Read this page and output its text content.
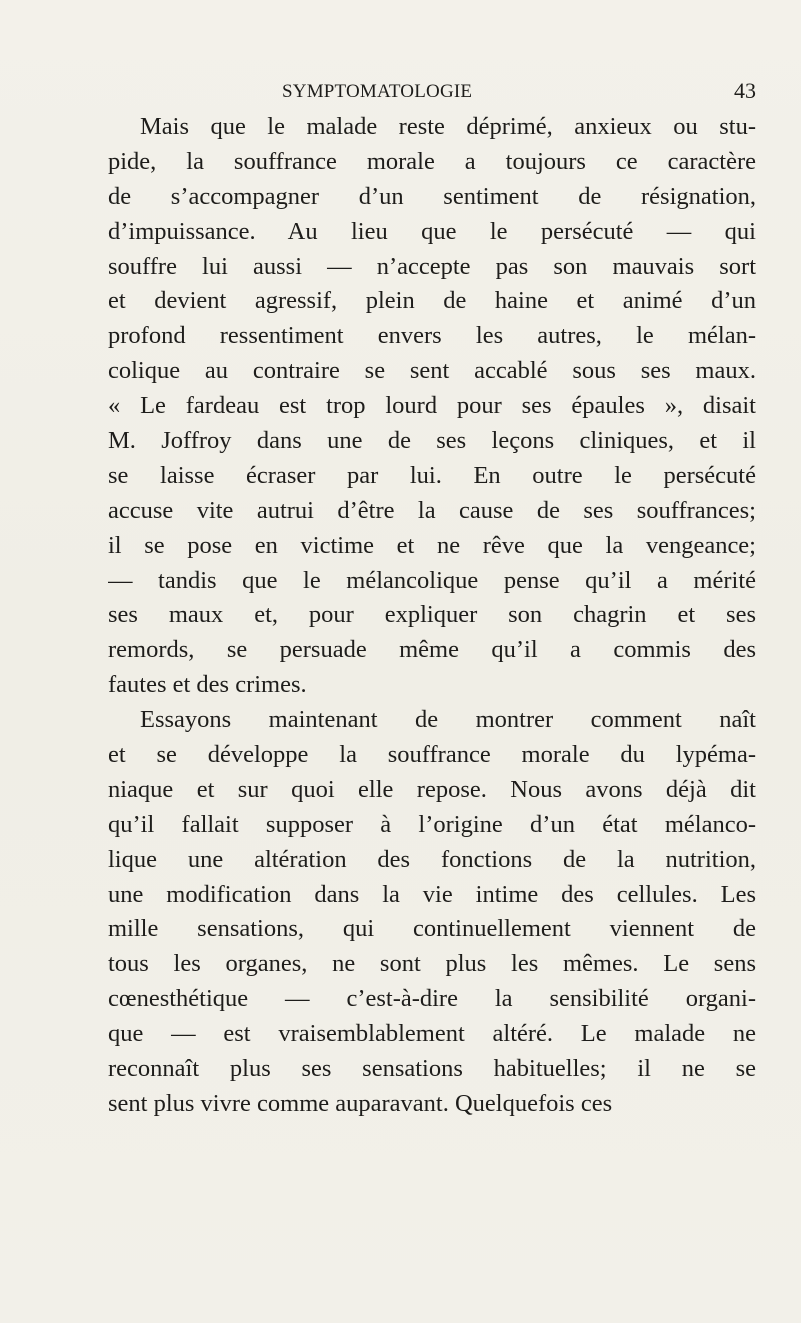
SYMPTOMATOLOGIE	43
Mais que le malade reste déprimé, anxieux ou stu-
pide, la souffrance morale a toujours ce caractère
de s’accompagner d’un sentiment de résignation,
d’impuissance. Au lieu que le persécuté — qui
souffre lui aussi — n’accepte pas son mauvais sort
et devient agressif, plein de haine et animé d’un
profond ressentiment envers les autres, le mélan-
colique au contraire se sent accablé sous ses maux.
« Le fardeau est trop lourd pour ses épaules », disait
M. Joffroy dans une de ses leçons cliniques, et il
se laisse écraser par lui. En outre le persécuté
accuse vite autrui d’être la cause de ses souffrances;
il se pose en victime et ne rêve que la vengeance;
— tandis que le mélancolique pense qu’il a mérité
ses maux et, pour expliquer son chagrin et ses
remords, se persuade même qu’il a commis des
fautes et des crimes.
Essayons maintenant de montrer comment naît
et se développe la souffrance morale du lypéma-
niaque et sur quoi elle repose. Nous avons déjà dit
qu’il fallait supposer à l’origine d’un état mélanco-
lique une altération des fonctions de la nutrition,
une modification dans la vie intime des cellules. Les
mille sensations, qui continuellement viennent de
tous les organes, ne sont plus les mêmes. Le sens
cœnesthétique — c’est-à-dire la sensibilité organi-
que — est vraisemblablement altéré. Le malade ne
reconnaît plus ses sensations habituelles; il ne se
sent plus vivre comme auparavant. Quelquefois ces
